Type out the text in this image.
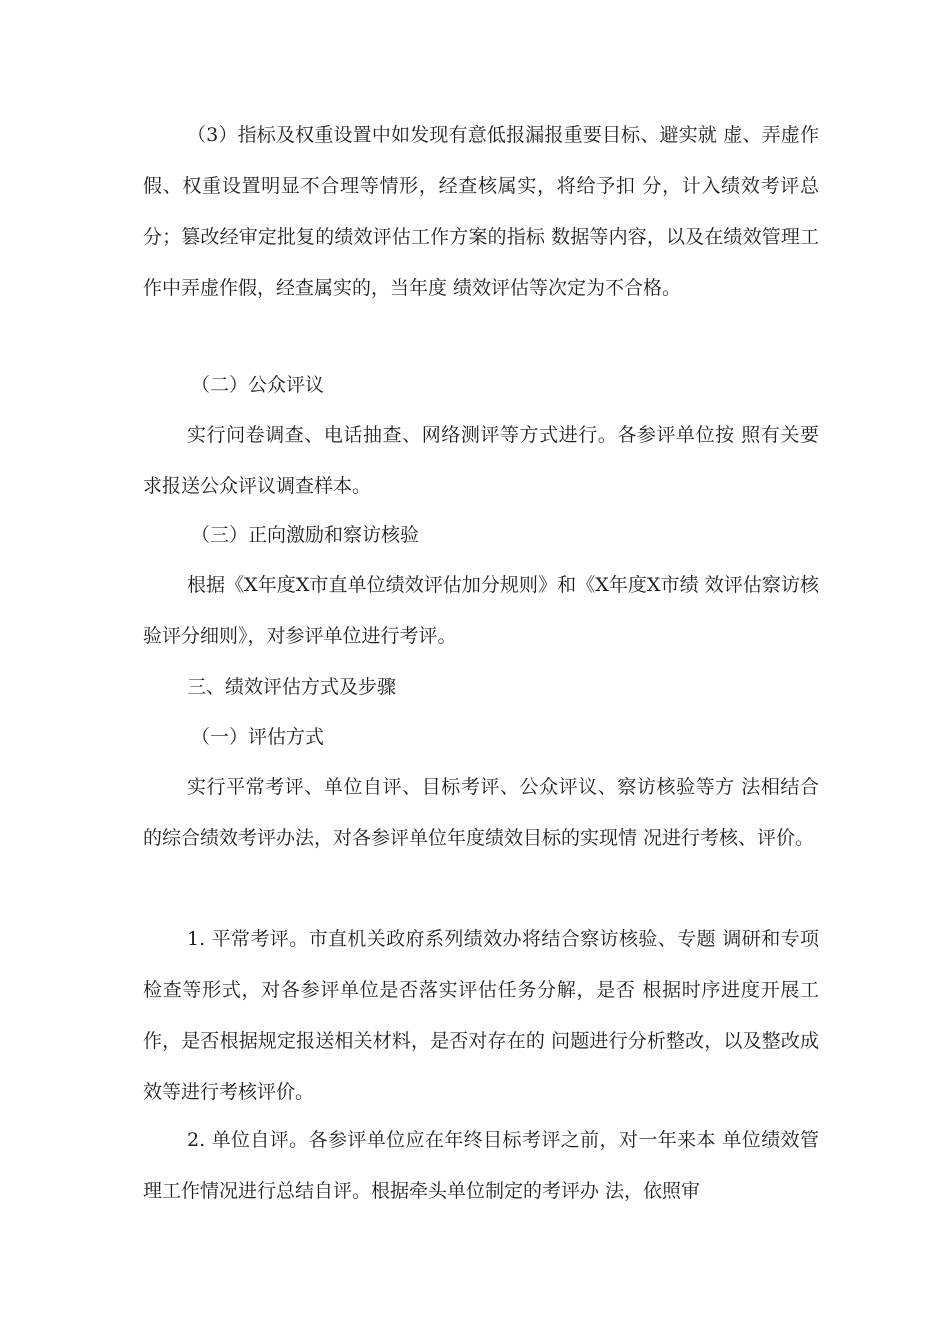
（3）指标及权重设置中如发现有意低报漏报重要目标、避实就 虚、弄虚作假、权重设置明显不合理等情形，经查核属实，将给予扣 分，计入绩效考评总分；篡改经审定批复的绩效评估工作方案的指标 数据等内容，以及在绩效管理工作中弄虚作假，经查属实的，当年度 绩效评估等次定为不合格。

（二）公众评议

实行问卷调查、电话抽查、网络测评等方式进行。各参评单位按 照有关要求报送公众评议调查样本。

（三）正向激励和察访核验

根据《X年度X市直单位绩效评估加分规则》和《X年度X市绩 效评估察访核验评分细则》，对参评单位进行考评。

三、绩效评估方式及步骤

（一）评估方式

实行平常考评、单位自评、目标考评、公众评议、察访核验等方 法相结合的综合绩效考评办法，对各参评单位年度绩效目标的实现情 况进行考核、评价。

1. 平常考评。市直机关政府系列绩效办将结合察访核验、专题 调研和专项检查等形式，对各参评单位是否落实评估任务分解，是否 根据时序进度开展工作，是否根据规定报送相关材料，是否对存在的 问题进行分析整改，以及整改成效等进行考核评价。

2. 单位自评。各参评单位应在年终目标考评之前，对一年来本 单位绩效管理工作情况进行总结自评。根据牵头单位制定的考评办 法，依照审
